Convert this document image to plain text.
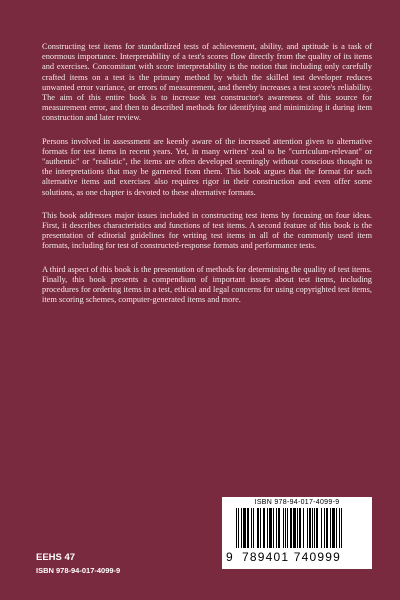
Constructing test items for standardized tests of achievement, ability, and aptitude is a task of enormous importance. Interpretability of a test's scores flow directly from the quality of its items and exercises. Concomitant with score interpretability is the notion that including only carefully crafted items on a test is the primary method by which the skilled test developer reduces unwanted error variance, or errors of measurement, and thereby increases a test score's reliability. The aim of this entire book is to increase test constructor's awareness of this source for measurement error, and then to described methods for identifying and minimizing it during item construction and later review.

Persons involved in assessment are keenly aware of the increased attention given to alternative formats for test items in recent years. Yet, in many writers' zeal to be "curriculum-relevant" or "authentic" or "realistic", the items are often developed seemingly without conscious thought to the interpretations that may be garnered from them. This book argues that the format for such alternative items and exercises also requires rigor in their construction and even offer some solutions, as one chapter is devoted to these alternative formats.

This book addresses major issues included in constructing test items by focusing on four ideas. First, it describes characteristics and functions of test items. A second feature of this book is the presentation of editorial guidelines for writing test items in all of the commonly used item formats, including for test of constructed-response formats and performance tests.

A third aspect of this book is the presentation of methods for determining the quality of test items. Finally, this book presents a compendium of important issues about test items, including procedures for ordering items in a test, ethical and legal concerns for using copyrighted test items, item scoring schemes, computer-generated items and more.

EEHS 47
ISBN 978-94-017-4099-9
ISBN 978-94-017-4099-9
9 789401 740999
